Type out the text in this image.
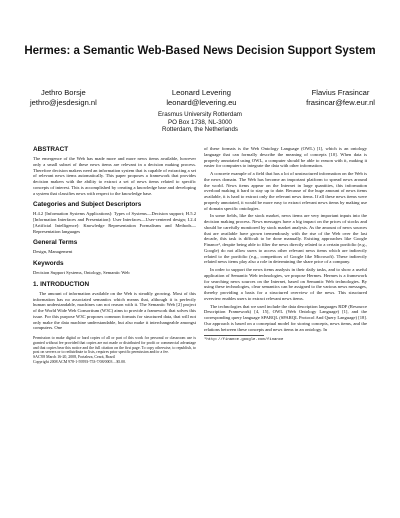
Hermes: a Semantic Web-Based News Decision Support System
Jethro Borsje
jethro@jesdesign.nl
Leonard Levering
leonard@levering.eu
Flavius Frasincar
frasincar@few.eur.nl
Erasmus University Rotterdam
PO Box 1738, NL-3000
Rotterdam, the Netherlands
ABSTRACT

The emergence of the Web has made more and more news items available, however only a small subset of these news items are relevant in a decision making process. Therefore decision makers need an information system that is capable of extracting a set of relevant news items automatically. This paper proposes a framework that provides decision makers with the ability to extract a set of news items related to specific concepts of interest. This is accomplished by creating a knowledge base and developing a system that classifies news with respect to the knowledge base.

Categories and Subject Descriptors

H.4.2 [Information Systems Applications]: Types of Systems—Decision support; H.5.2 [Information Interfaces and Presentation]: User Interfaces—User-centered design; I.2.4 [Artificial Intelligence]: Knowledge Representation Formalisms and Methods—Representation languages

General Terms

Design, Management

Keywords

Decision Support Systems, Ontology, Semantic Web

1. INTRODUCTION

The amount of information available on the Web is steadily growing. Most of this information has no associated semantics which means that, although it is perfectly human understandable, machines can not reason with it. The Semantic Web [2] project of the World Wide Web Consortium (W3C) aims to provide a framework that solves this issue. For this purpose W3C proposes common formats for structured data, that will not only make the data machine understandable, but also make it interchangeable amongst computers. One

Permission to make digital or hard copies of all or part of this work for personal or classroom use is granted without fee provided that copies are not made or distributed for profit or commercial advantage and that copies bear this notice and the full citation on the first page. To copy otherwise, to republish, to post on servers or to redistribute to lists, requires prior specific permission and/or a fee.
SAC'08 March 16-20, 2008, Fortaleza, Ceará, Brazil
Copyright 2008 ACM 978-1-59593-753-7/08/0003 ...$5.00.

of these formats is the Web Ontology Language (OWL) [1], which is an ontology language that can formally describe the meaning of concepts [10]. When data is properly annotated using OWL, a computer should be able to reason with it, making it easier for computers to integrate the data with other information.

A concrete example of a field that has a lot of unstructured information on the Web is the news domain. The Web has become an important platform to spread news around the world. News items appear on the Internet in large quantities, this information overload making it hard to stay up to date. Because of the huge amount of news items available, it is hard to extract only the relevant news items. If all these news items were properly annotated, it would be more easy to extract relevant news items by making use of domain specific ontologies.

In some fields, like the stock market, news items are very important inputs into the decision making process. News messages have a big impact on the prices of stocks and should be carefully monitored by stock market analysts. As the amount of news sources that are available have grown tremendously with the rise of the Web over the last decade, this task is difficult to be done manually. Existing approaches like Google Finance¹, despite being able to filter the news directly related to a certain portfolio (e.g., Google) do not allow users to access other relevant news items which are indirectly related to the portfolio (e.g., competitors of Google like Microsoft). These indirectly related news items play also a role in determining the share price of a company.

In order to support the news items analysis in their daily tasks, and to show a useful application of Semantic Web technologies, we propose Hermes. Hermes is a framework for searching news sources on the Internet, based on Semantic Web technologies. By using these technologies, clear semantics can be assigned to the various news messages, thereby providing a basis for a structured overview of the news. This structured overview enables users to extract relevant news items.

The technologies that we used include the data description languages RDF (Resource Description Framework) [4, 15], OWL (Web Ontology Language) [1], and the corresponding query language SPARQL (SPARQL Protocol And Query Language) [18]. Our approach is based on a conceptual model for storing concepts, news items, and the relations between these concepts and news items in an ontology. In

¹http://finance.google.com/finance
